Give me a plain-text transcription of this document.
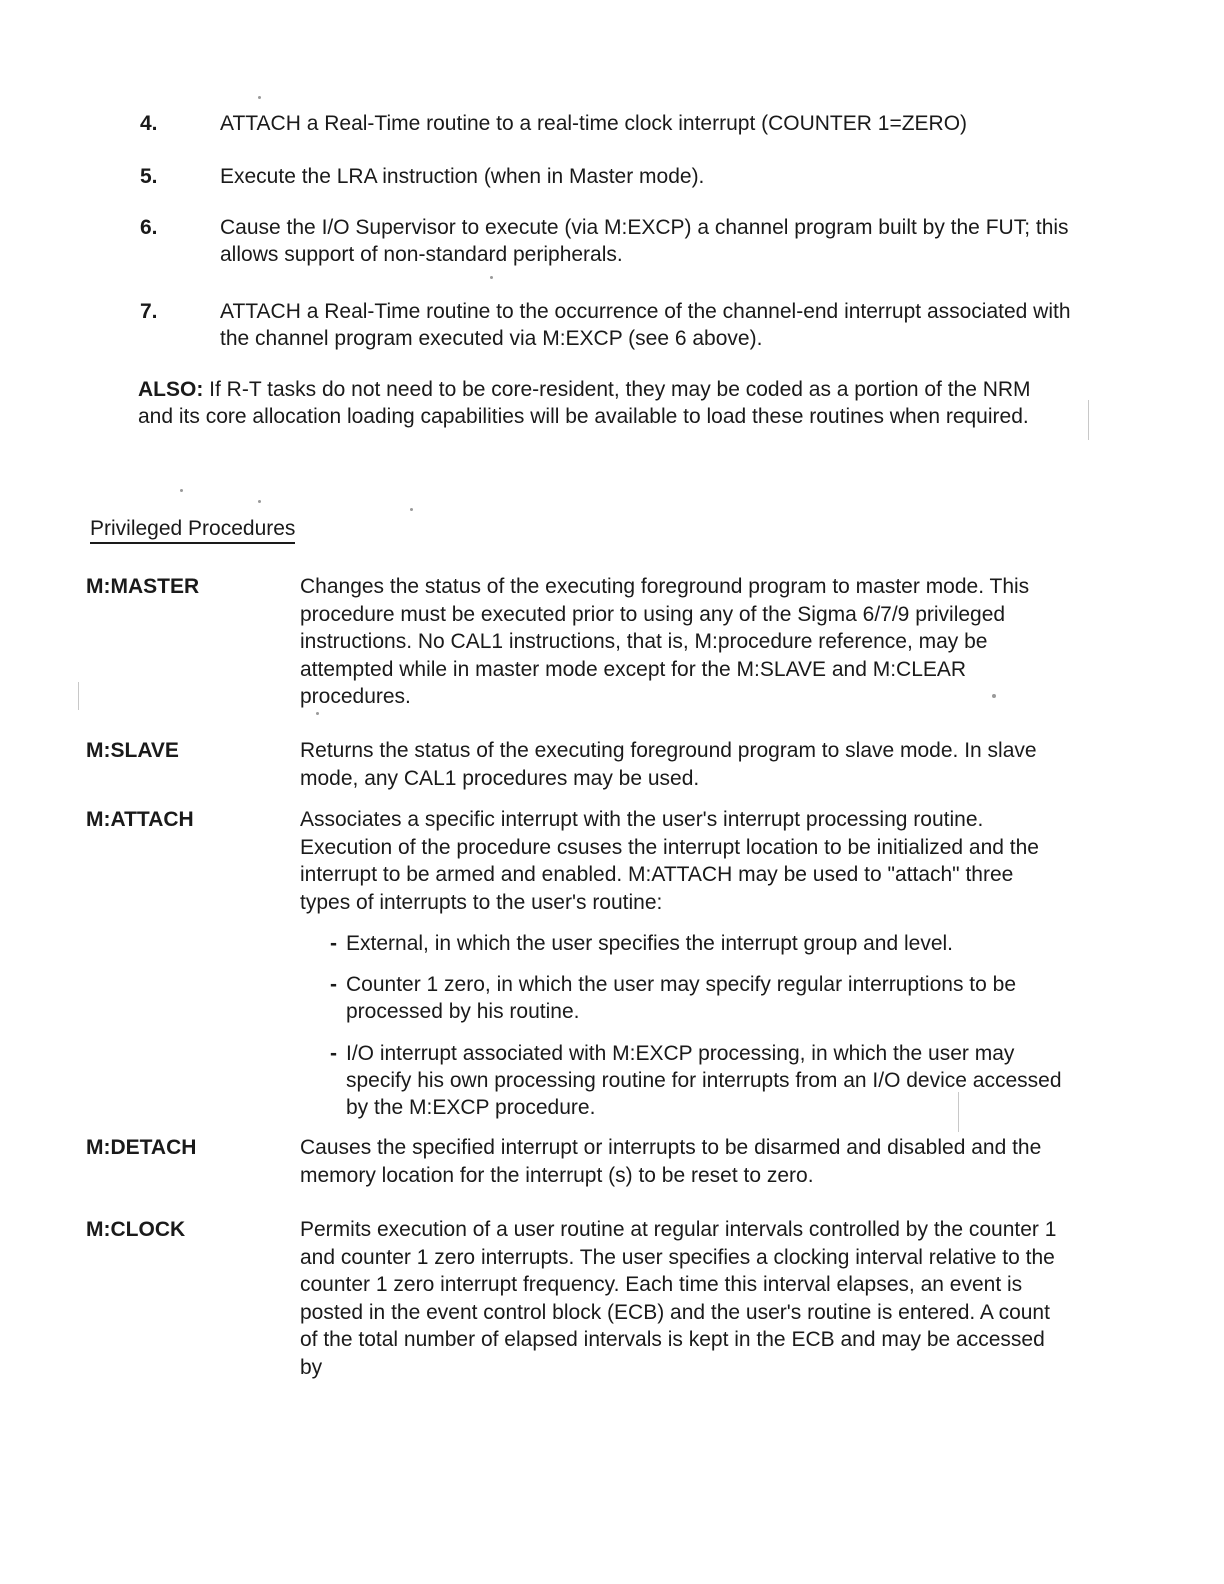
4.	ATTACH a Real-Time routine to a real-time clock interrupt (COUNTER 1=ZERO)
5.	Execute the LRA instruction (when in Master mode).
6.	Cause the I/O Supervisor to execute (via M:EXCP) a channel program built by the FUT; this allows support of non-standard peripherals.
7.	ATTACH a Real-Time routine to the occurrence of the channel-end interrupt associated with the channel program executed via M:EXCP (see 6 above).
ALSO: If R-T tasks do not need to be core-resident, they may be coded as a portion of the NRM and its core allocation loading capabilities will be available to load these routines when required.
Privileged Procedures
M:MASTER	Changes the status of the executing foreground program to master mode. This procedure must be executed prior to using any of the Sigma 6/7/9 privileged instructions. No CAL1 instructions, that is, M:procedure reference, may be attempted while in master mode except for the M:SLAVE and M:CLEAR procedures.
M:SLAVE	Returns the status of the executing foreground program to slave mode. In slave mode, any CAL1 procedures may be used.
M:ATTACH	Associates a specific interrupt with the user's interrupt processing routine. Execution of the procedure csuses the interrupt location to be initialized and the interrupt to be armed and enabled. M:ATTACH may be used to "attach" three types of interrupts to the user's routine:
- External, in which the user specifies the interrupt group and level.
- Counter 1 zero, in which the user may specify regular interruptions to be processed by his routine.
- I/O interrupt associated with M:EXCP processing, in which the user may specify his own processing routine for interrupts from an I/O device accessed by the M:EXCP procedure.
M:DETACH	Causes the specified interrupt or interrupts to be disarmed and disabled and the memory location for the interrupt (s) to be reset to zero.
M:CLOCK	Permits execution of a user routine at regular intervals controlled by the counter 1 and counter 1 zero interrupts. The user specifies a clocking interval relative to the counter 1 zero interrupt frequency. Each time this interval elapses, an event is posted in the event control block (ECB) and the user's routine is entered. A count of the total number of elapsed intervals is kept in the ECB and may be accessed by
